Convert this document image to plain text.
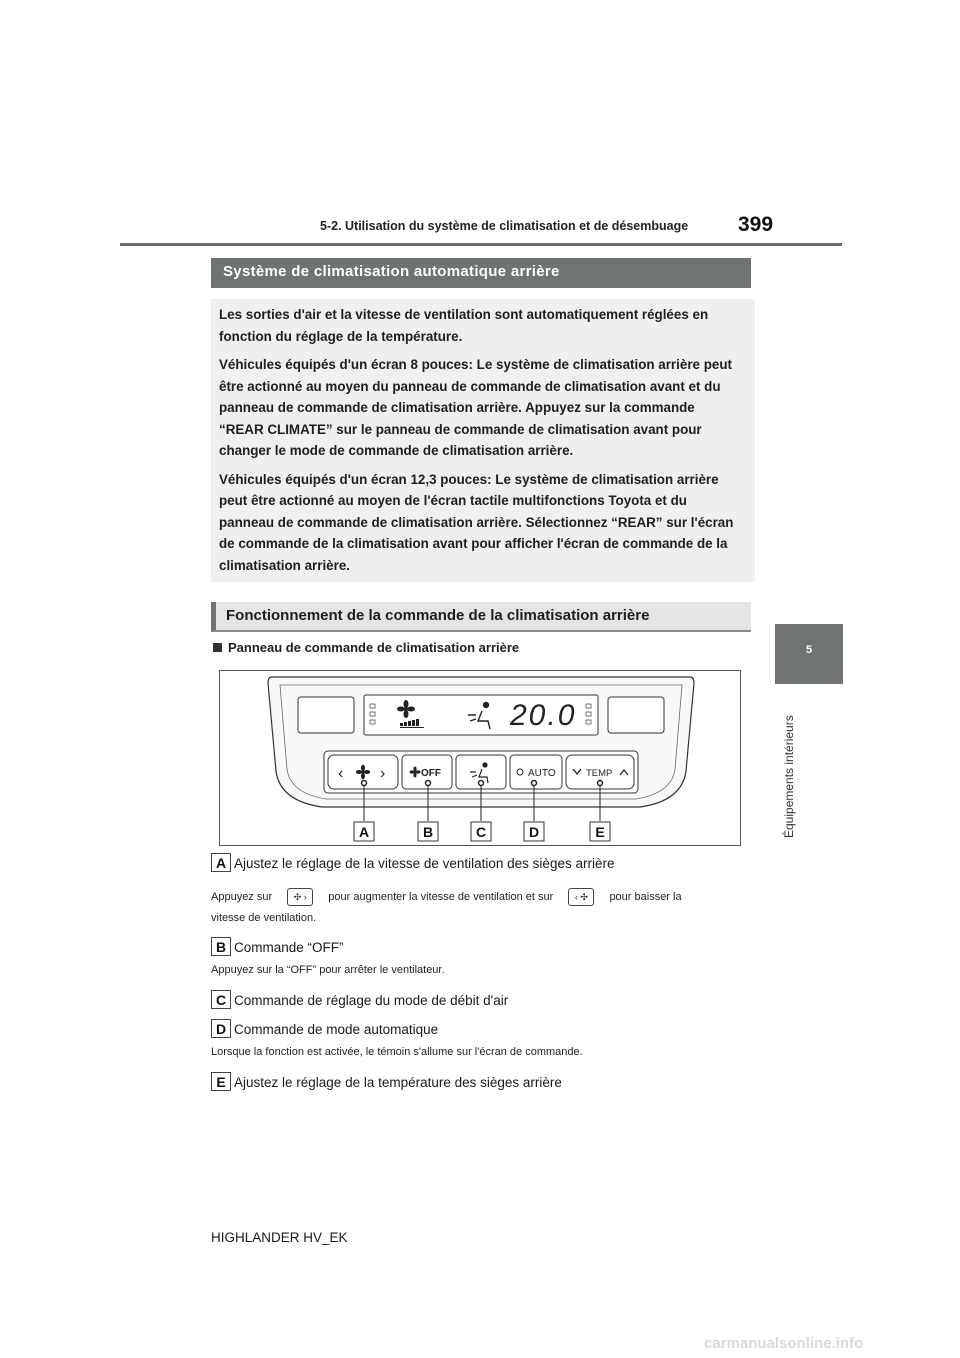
5-2. Utilisation du système de climatisation et de désembuage 399
5
Équipements intérieurs
Système de climatisation automatique arrière

Les sorties d'air et la vitesse de ventilation sont automatiquement réglées en fonction du réglage de la température.

Véhicules équipés d'un écran 8 pouces: Le système de climatisation arrière peut être actionné au moyen du panneau de commande de climatisation avant et du panneau de commande de climatisation arrière. Appuyez sur la commande “REAR CLIMATE” sur le panneau de commande de climatisation avant pour changer le mode de commande de climatisation arrière.

Véhicules équipés d'un écran 12,3 pouces: Le système de climatisation arrière peut être actionné au moyen de l'écran tactile multifonctions Toyota et du panneau de commande de climatisation arrière. Sélectionnez “REAR” sur l'écran de commande de la climatisation avant pour afficher l'écran de commande de la climatisation arrière.

Fonctionnement de la commande de la climatisation arrière
Panneau de commande de climatisation arrière
20.0
‹ ›	OFF	AUTO	TEMP
A	B	C	D	E
A Ajustez le réglage de la vitesse de ventilation des sièges arrière
Appuyez sur ✣ › pour augmenter la vitesse de ventilation et sur ‹ ✣ pour baisser la
vitesse de ventilation.
B Commande “OFF”
Appuyez sur la “OFF” pour arrêter le ventilateur.
C Commande de réglage du mode de débit d'air
D Commande de mode automatique
Lorsque la fonction est activée, le témoin s'allume sur l'écran de commande.
E Ajustez le réglage de la température des sièges arrière
HIGHLANDER HV_EK
carmanualsonline.info
